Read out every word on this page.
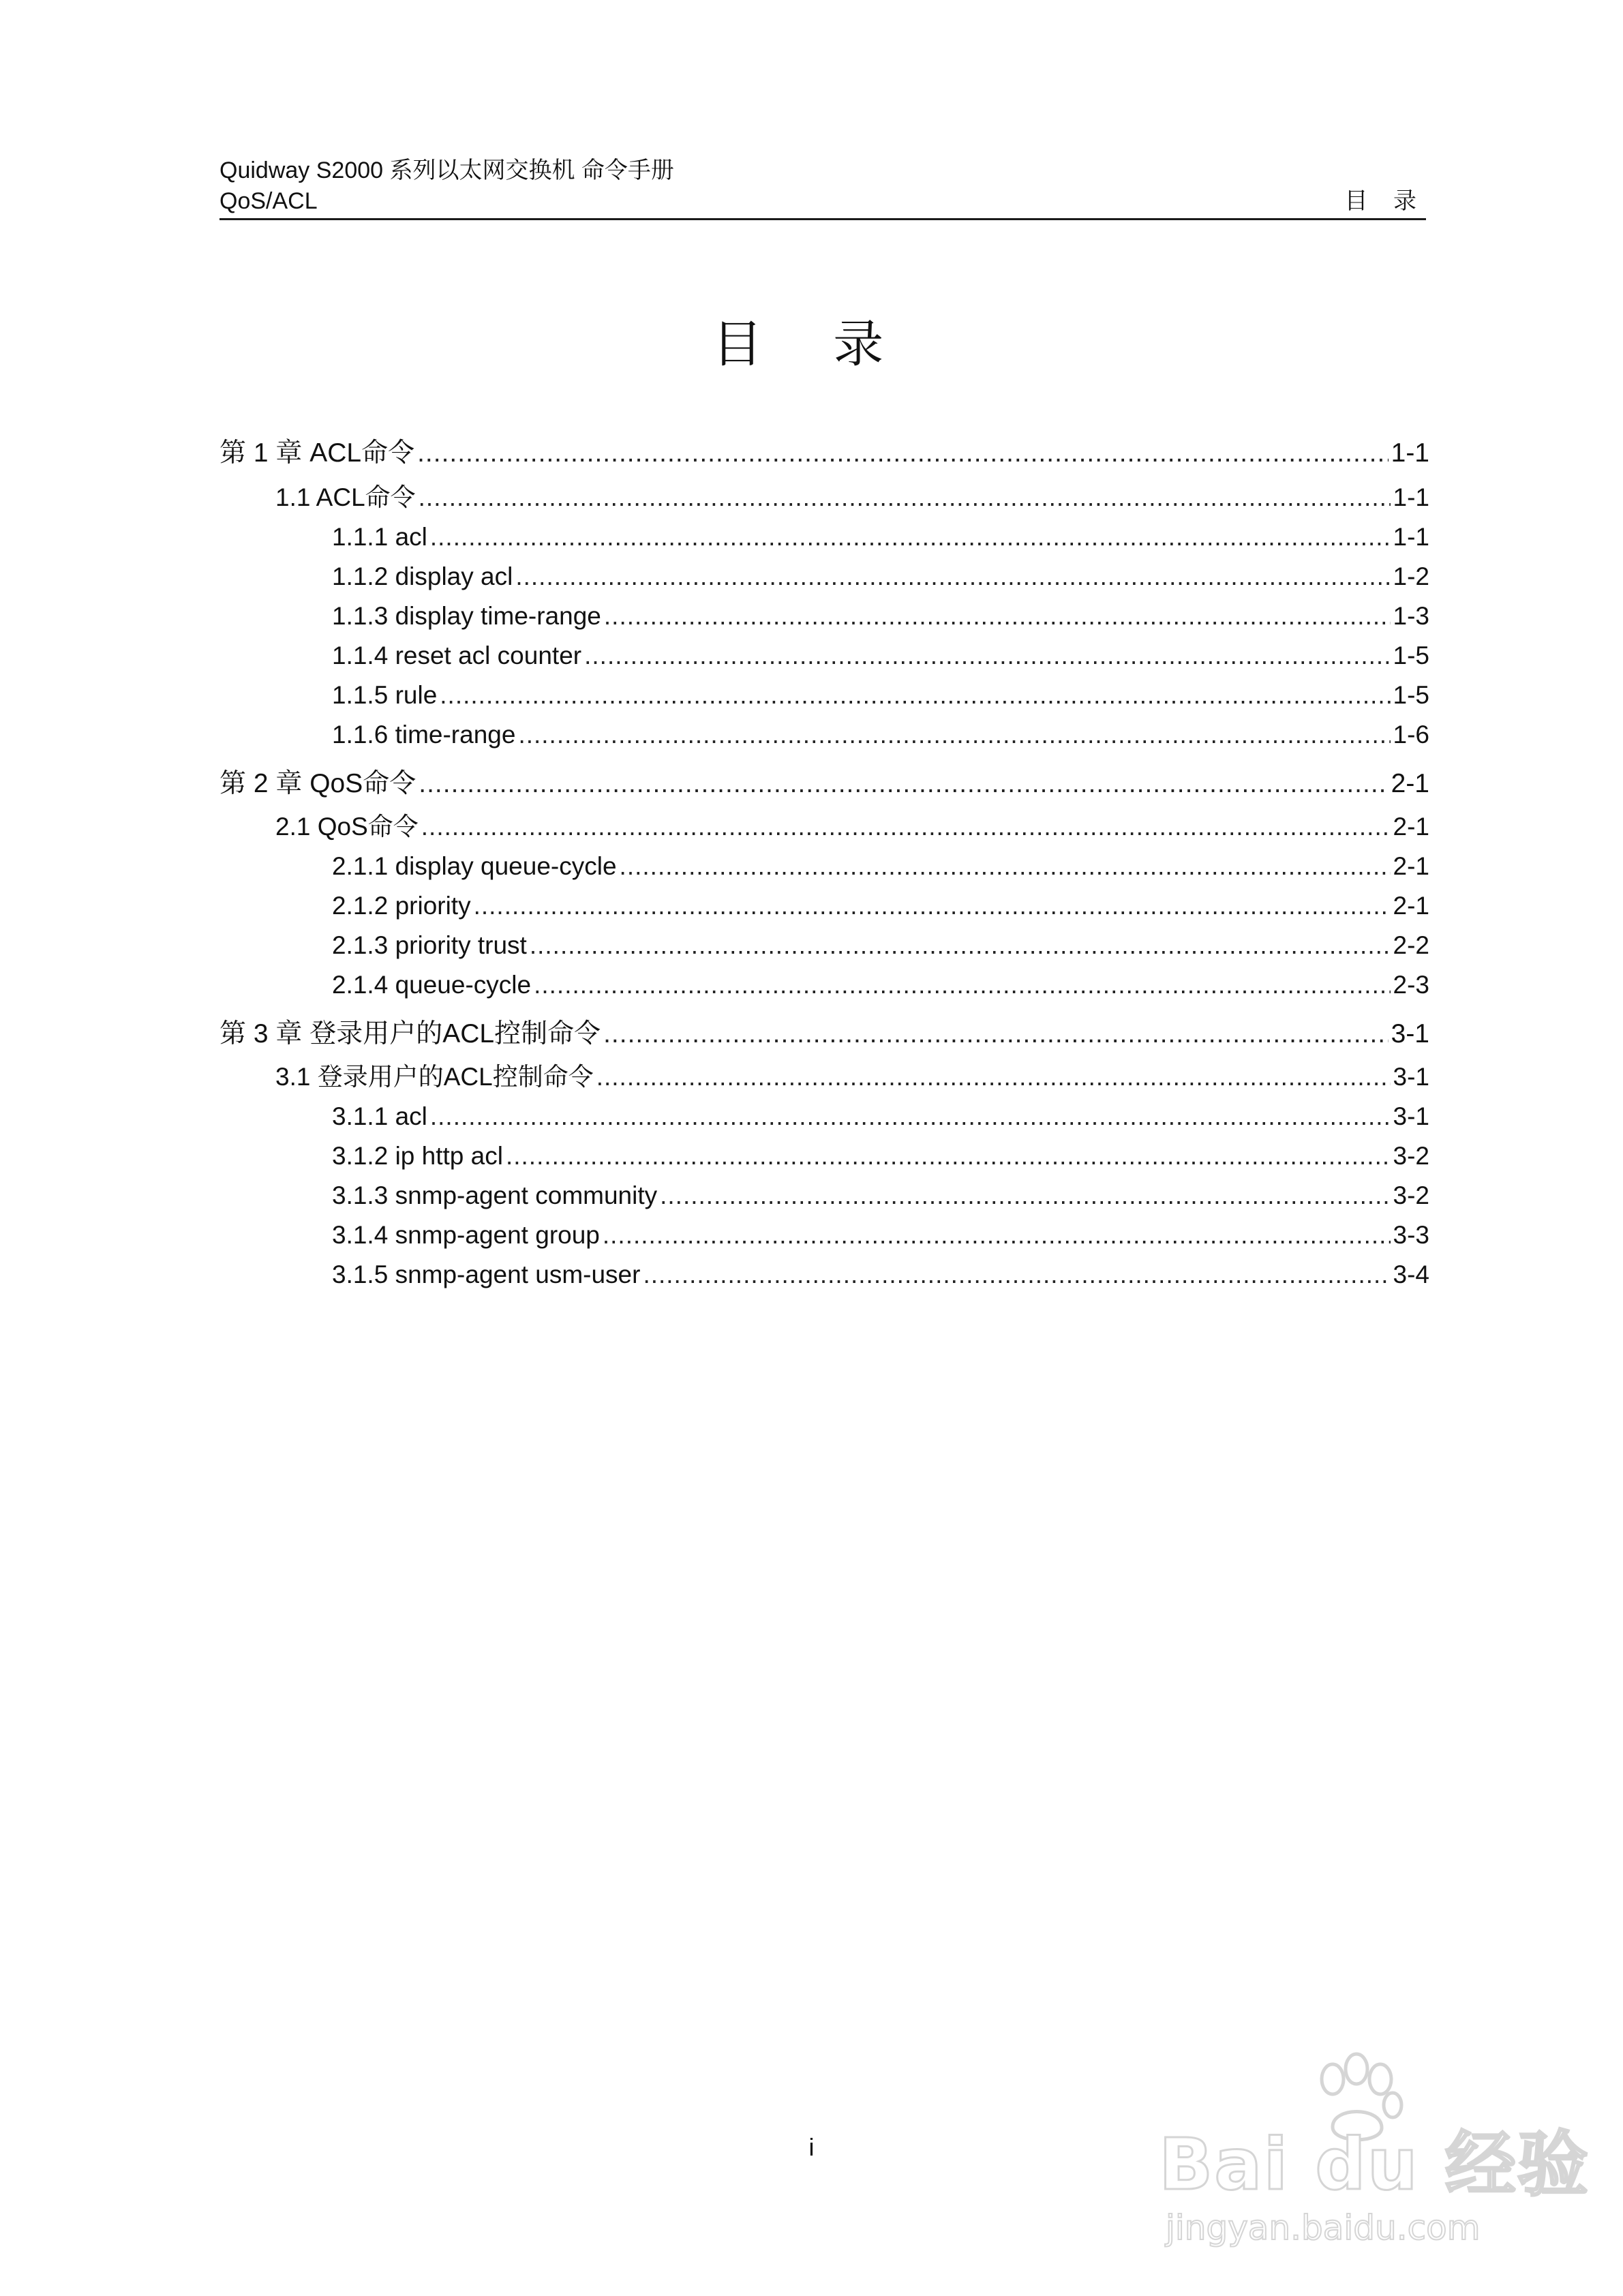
Quidway S2000 系列以太网交换机 命令手册
QoS/ACL	目 录
目 录
第 1 章 ACL命令 .....	1-1
1.1 ACL命令 .....	1-1
1.1.1 acl .....	1-1
1.1.2 display acl .....	1-2
1.1.3 display time-range .....	1-3
1.1.4 reset acl counter .....	1-5
1.1.5 rule .....	1-5
1.1.6 time-range .....	1-6
第 2 章 QoS命令 .....	2-1
2.1 QoS命令 .....	2-1
2.1.1 display queue-cycle .....	2-1
2.1.2 priority .....	2-1
2.1.3 priority trust .....	2-2
2.1.4 queue-cycle .....	2-3
第 3 章 登录用户的ACL控制命令 .....	3-1
3.1 登录用户的ACL控制命令 .....	3-1
3.1.1 acl .....	3-1
3.1.2 ip http acl .....	3-2
3.1.3 snmp-agent community .....	3-2
3.1.4 snmp-agent group .....	3-3
3.1.5 snmp-agent usm-user .....	3-4
i	Bai du 经验
jingyan.baidu.com
